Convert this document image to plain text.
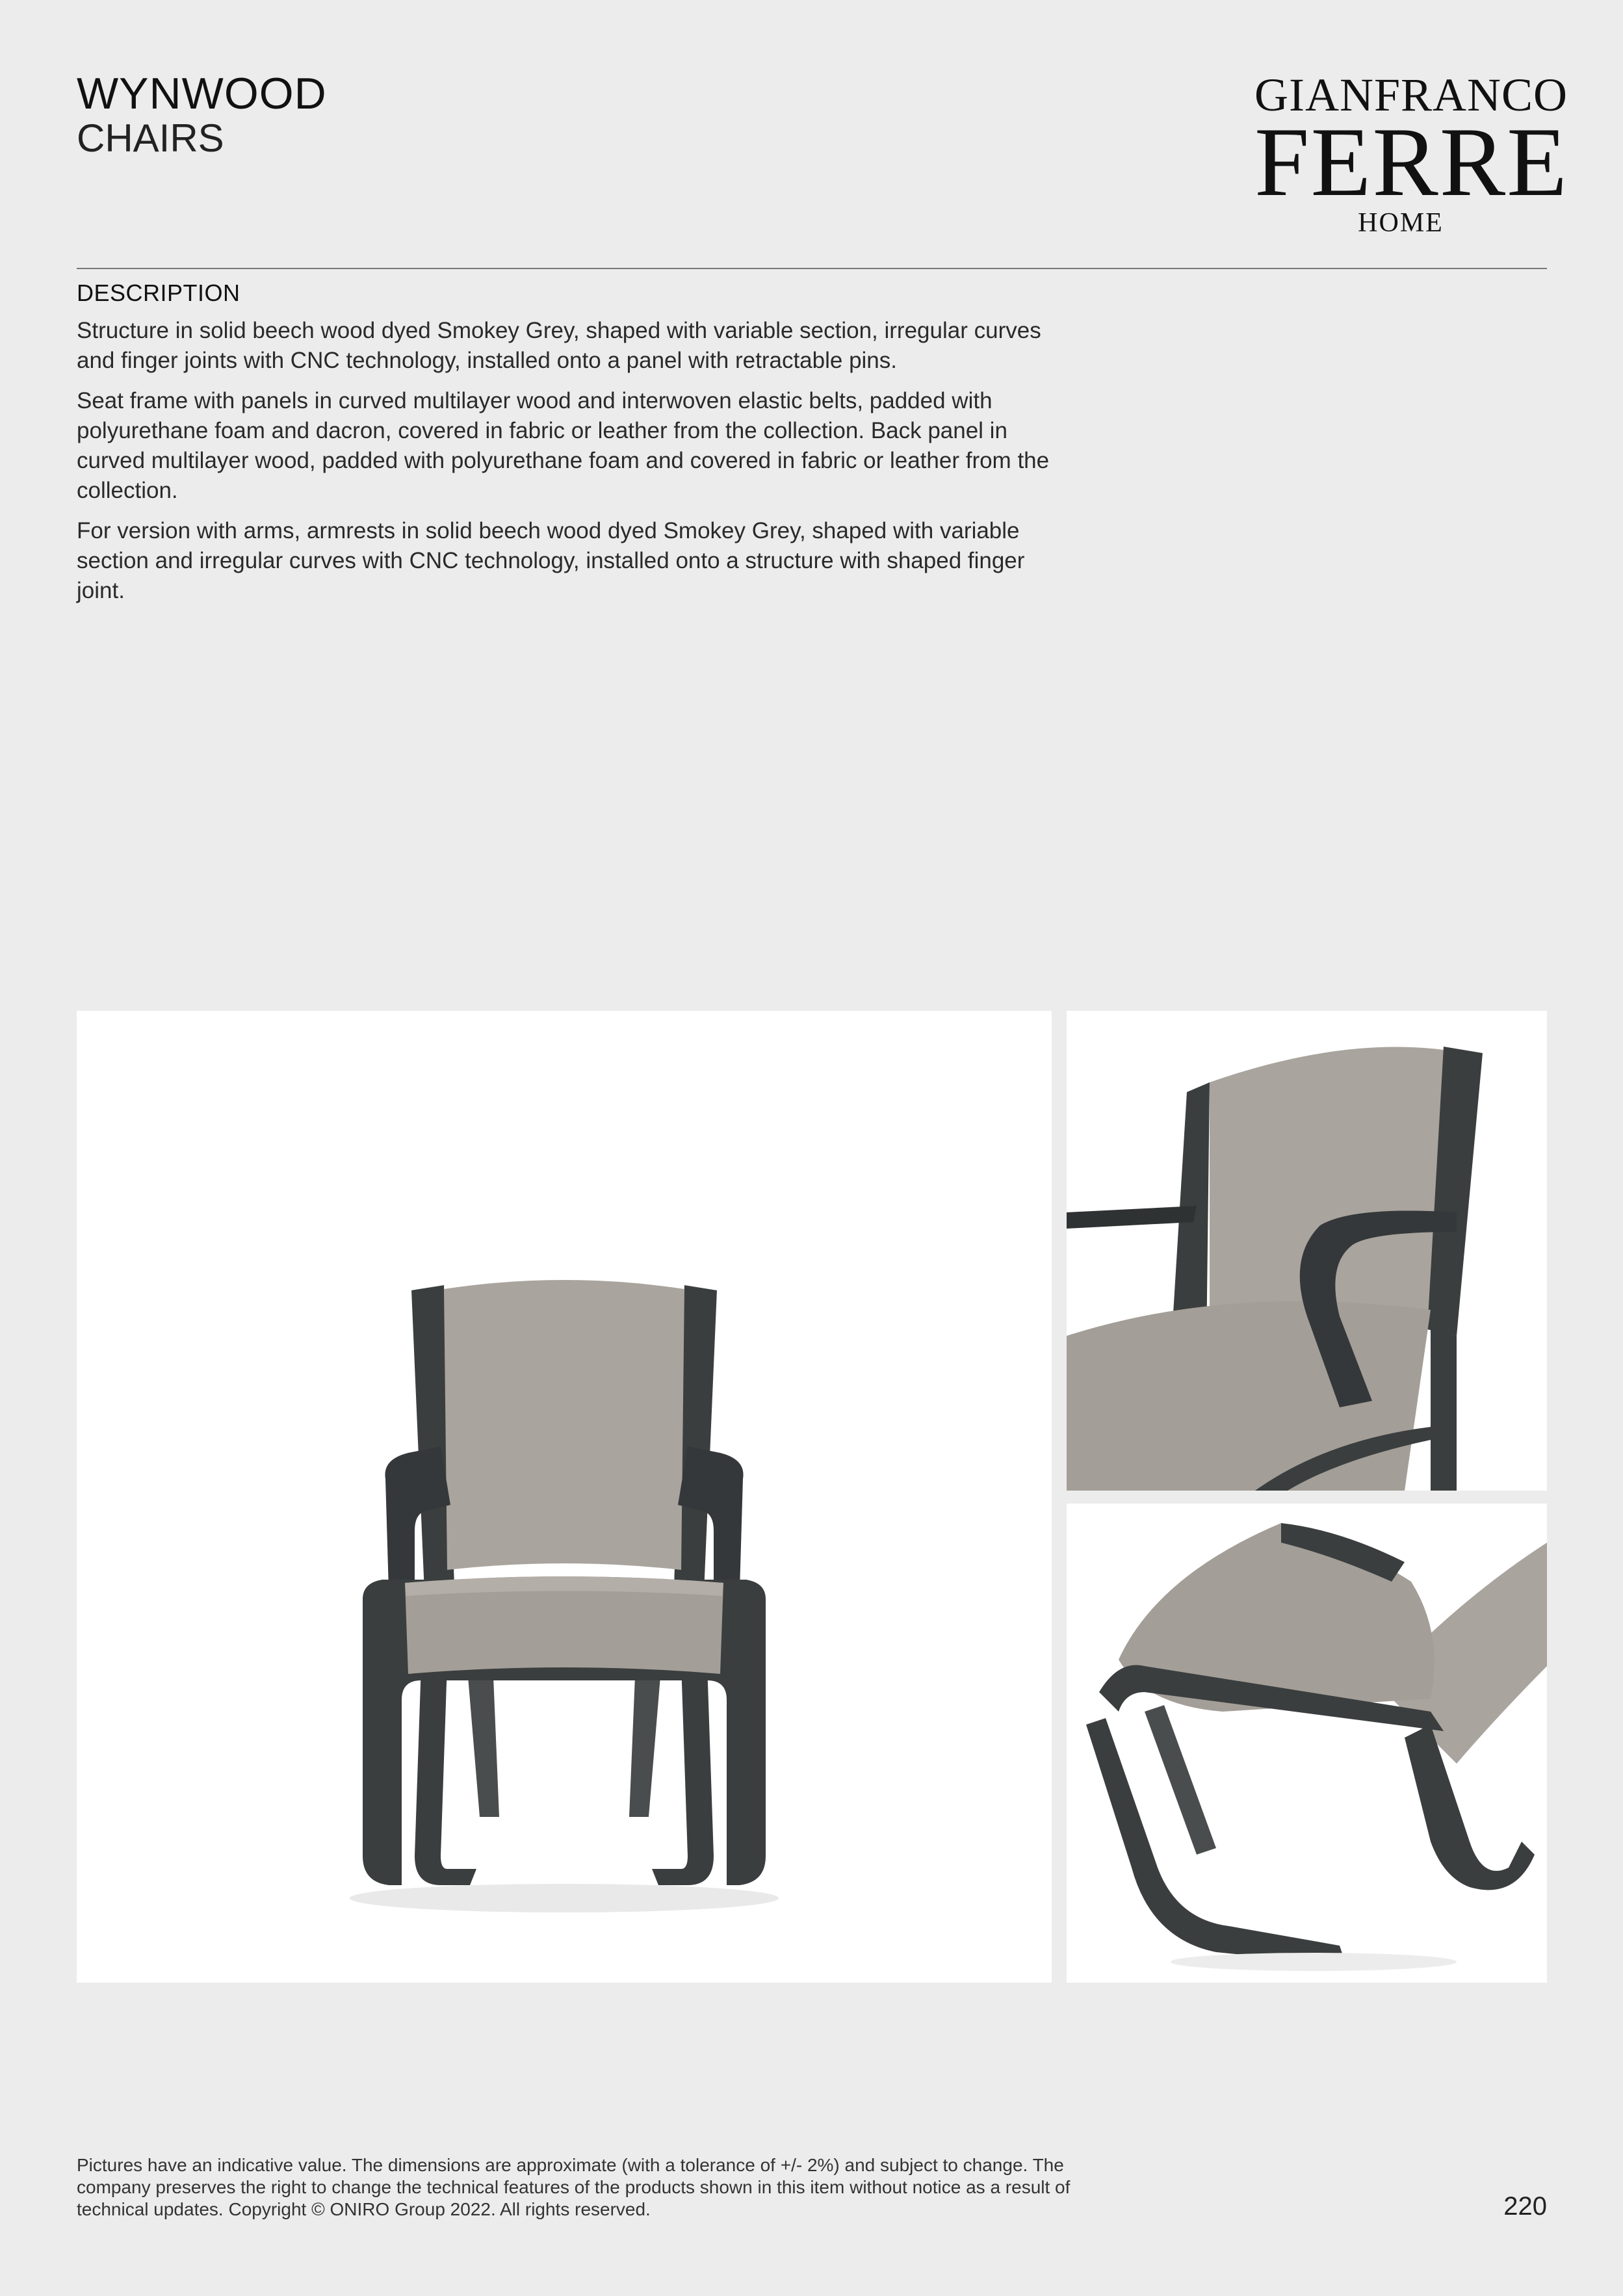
WYNWOOD
CHAIRS
GIANFRANCO
FERRE
HOME
DESCRIPTION

Structure in solid beech wood dyed Smokey Grey, shaped with variable section, irregular curves and finger joints with CNC technology, installed onto a panel with retractable pins.

Seat frame with panels in curved multilayer wood and interwoven elastic belts, padded with polyurethane foam and dacron, covered in fabric or leather from the collection. Back panel in curved multilayer wood, padded with polyurethane foam and covered in fabric or leather from the collection.

For version with arms, armrests in solid beech wood dyed Smokey Grey, shaped with variable section and irregular curves with CNC technology, installed onto a structure with shaped finger joint.

Pictures have an indicative value. The dimensions are approximate (with a tolerance of +/- 2%) and subject to change. The company preserves the right to change the technical features of the products shown in this item without notice as a result of technical updates. Copyright © ONIRO Group 2022. All rights reserved.	220
